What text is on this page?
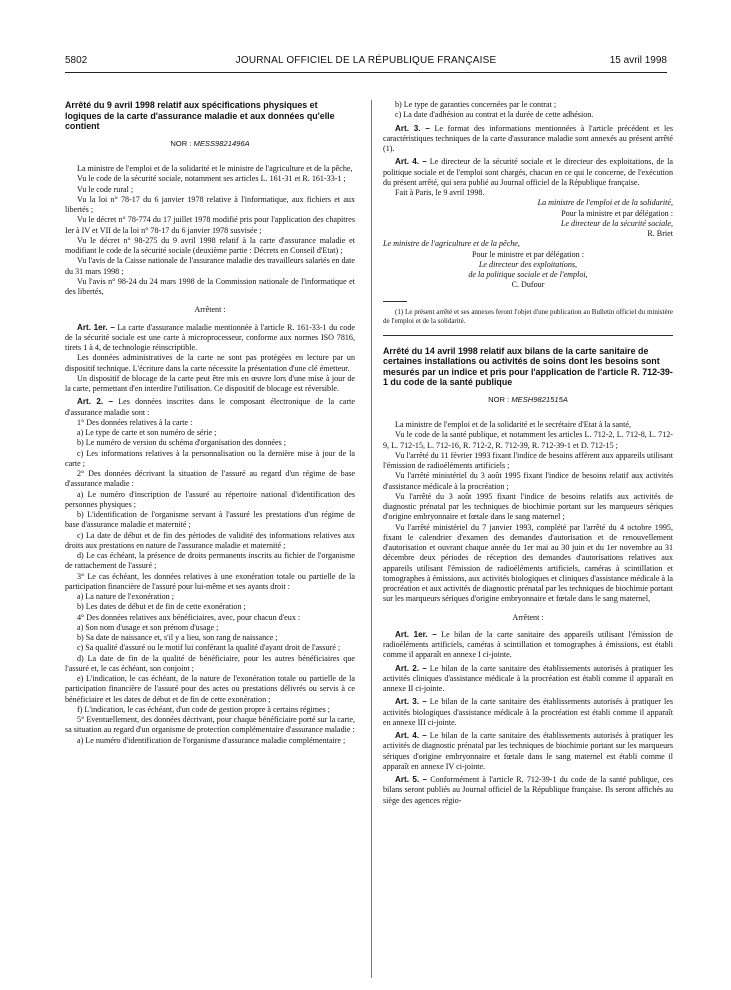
5802	JOURNAL OFFICIEL DE LA RÉPUBLIQUE FRANÇAISE	15 avril 1998

Arrêté du 9 avril 1998 relatif aux spécifications physiques et logiques de la carte d'assurance maladie et aux données qu'elle contient

NOR : MESS9821496A

La ministre de l'emploi et de la solidarité et le ministre de l'agriculture et de la pêche,

Vu le code de la sécurité sociale, notamment ses articles L. 161-31 et R. 161-33-1 ;

Vu le code rural ;

Vu la loi n° 78-17 du 6 janvier 1978 relative à l'informatique, aux fichiers et aux libertés ;

Vu le décret n° 78-774 du 17 juillet 1978 modifié pris pour l'application des chapitres Ier à IV et VII de la loi n° 78-17 du 6 janvier 1978 susvisée ;

Vu le décret n° 98-275 du 9 avril 1998 relatif à la carte d'assurance maladie et modifiant le code de la sécurité sociale (deuxième partie : Décrets en Conseil d'Etat) ;

Vu l'avis de la Caisse nationale de l'assurance maladie des travailleurs salariés en date du 31 mars 1998 ;

Vu l'avis n° 98-24 du 24 mars 1998 de la Commission nationale de l'informatique et des libertés,

Arrêtent :

Art. 1er. – La carte d'assurance maladie mentionnée à l'article R. 161-33-1 du code de la sécurité sociale est une carte à microprocesseur, conforme aux normes ISO 7816, tirets 1 à 4, de technologie réinscriptible.

Les données administratives de la carte ne sont pas protégées en lecture par un dispositif technique. L'écriture dans la carte nécessite la présentation d'une clé émetteur.

Un dispositif de blocage de la carte peut être mis en œuvre lors d'une mise à jour de la carte, permettant d'en interdire l'utilisation. Ce dispositif de blocage est réversible.

Art. 2. – Les données inscrites dans le composant électronique de la carte d'assurance maladie sont :

1° Des données relatives à la carte :

a) Le type de carte et son numéro de série ;

b) Le numéro de version du schéma d'organisation des données ;

c) Les informations relatives à la personnalisation ou la dernière mise à jour de la carte ;

2° Des données décrivant la situation de l'assuré au regard d'un régime de base d'assurance maladie :

a) Le numéro d'inscription de l'assuré au répertoire national d'identification des personnes physiques ;

b) L'identification de l'organisme servant à l'assuré les prestations d'un régime de base d'assurance maladie et maternité ;

c) La date de début et de fin des périodes de validité des informations relatives aux droits aux prestations en nature de l'assurance maladie et maternité ;

d) Le cas échéant, la présence de droits permanents inscrits au fichier de l'organisme de rattachement de l'assuré ;

3° Le cas échéant, les données relatives à une exonération totale ou partielle de la participation financière de l'assuré pour lui-même et ses ayants droit :

a) La nature de l'exonération ;

b) Les dates de début et de fin de cette exonération ;

4° Des données relatives aux bénéficiaires, avec, pour chacun d'eux :

a) Son nom d'usage et son prénom d'usage ;

b) Sa date de naissance et, s'il y a lieu, son rang de naissance ;

c) Sa qualité d'assuré ou le motif lui conférant la qualité d'ayant droit de l'assuré ;

d) La date de fin de la qualité de bénéficiaire, pour les autres bénéficiaires que l'assuré et, le cas échéant, son conjoint ;

e) L'indication, le cas échéant, de la nature de l'exonération totale ou partielle de la participation financière de l'assuré pour des actes ou prestations délivrés ou servis à ce bénéficiaire et les dates de début et de fin de cette exonération ;

f) L'indication, le cas échéant, d'un code de gestion propre à certains régimes ;

5° Eventuellement, des données décrivant, pour chaque bénéficiaire porté sur la carte, sa situation au regard d'un organisme de protection complémentaire d'assurance maladie :

a) Le numéro d'identification de l'organisme d'assurance maladie complémentaire ;

b) Le type de garanties concernées par le contrat ;

c) La date d'adhésion au contrat et la durée de cette adhésion.

Art. 3. – Le format des informations mentionnées à l'article précédent et les caractéristiques techniques de la carte d'assurance maladie sont annexés au présent arrêté (1).

Art. 4. – Le directeur de la sécurité sociale et le directeur des exploitations, de la politique sociale et de l'emploi sont chargés, chacun en ce qui le concerne, de l'exécution du présent arrêté, qui sera publié au Journal officiel de la République française.

Fait à Paris, le 9 avril 1998.

La ministre de l'emploi et de la solidarité,

Pour la ministre et par délégation :

Le directeur de la sécurité sociale,

R. Briet

Le ministre de l'agriculture et de la pêche,

Pour le ministre et par délégation :

Le directeur des exploitations,

de la politique sociale et de l'emploi,

C. Dufour

(1) Le présent arrêté et ses annexes feront l'objet d'une publication au Bulletin officiel du ministère de l'emploi et de la solidarité.

Arrêté du 14 avril 1998 relatif aux bilans de la carte sanitaire de certaines installations ou activités de soins dont les besoins sont mesurés par un indice et pris pour l'application de l'article R. 712-39-1 du code de la santé publique

NOR : MESH9821515A

La ministre de l'emploi et de la solidarité et le secrétaire d'Etat à la santé,

Vu le code de la santé publique, et notamment les articles L. 712-2, L. 712-8, L. 712-9, L. 712-15, L. 712-16, R. 712-2, R. 712-39, R. 712-39-1 et D. 712-15 ;

Vu l'arrêté du 11 février 1993 fixant l'indice de besoins afférent aux appareils utilisant l'émission de radioéléments artificiels ;

Vu l'arrêté ministériel du 3 août 1995 fixant l'indice de besoins relatif aux activités d'assistance médicale à la procréation ;

Vu l'arrêté du 3 août 1995 fixant l'indice de besoins relatifs aux activités de diagnostic prénatal par les techniques de biochimie portant sur les marqueurs sériques d'origine embryonnaire et fœtale dans le sang maternel ;

Vu l'arrêté ministériel du 7 janvier 1993, complété par l'arrêté du 4 octobre 1995, fixant le calendrier d'examen des demandes d'autorisation et de renouvellement d'autorisation et ouvrant chaque année du 1er mai au 30 juin et du 1er novembre au 31 décembre deux périodes de réception des demandes d'autorisations relatives aux appareils utilisant l'émission de radioéléments artificiels, caméras à scintillation et tomographes à émissions, aux activités biologiques et cliniques d'assistance médicale à la procréation et aux activités de diagnostic prénatal par les techniques de biochimie portant sur les marqueurs sériques d'origine embryonnaire et fœtale dans le sang maternel,

Arrêtent :

Art. 1er. – Le bilan de la carte sanitaire des appareils utilisant l'émission de radioéléments artificiels, caméras à scintillation et tomographes à émissions, est établi comme il apparaît en annexe I ci-jointe.

Art. 2. – Le bilan de la carte sanitaire des établissements autorisés à pratiquer les activités cliniques d'assistance médicale à la procréation est établi comme il apparaît en annexe II ci-jointe.

Art. 3. – Le bilan de la carte sanitaire des établissements autorisés à pratiquer les activités biologiques d'assistance médicale à la procréation est établi comme il apparaît en annexe III ci-jointe.

Art. 4. – Le bilan de la carte sanitaire des établissements autorisés à pratiquer les activités de diagnostic prénatal par les techniques de biochimie portant sur les marqueurs sériques d'origine embryonnaire et fœtale dans le sang maternel est établi comme il apparaît en annexe IV ci-jointe.

Art. 5. – Conformément à l'article R. 712-39-1 du code de la santé publique, ces bilans seront publiés au Journal officiel de la République française. Ils seront affichés au siège des agences régio-
